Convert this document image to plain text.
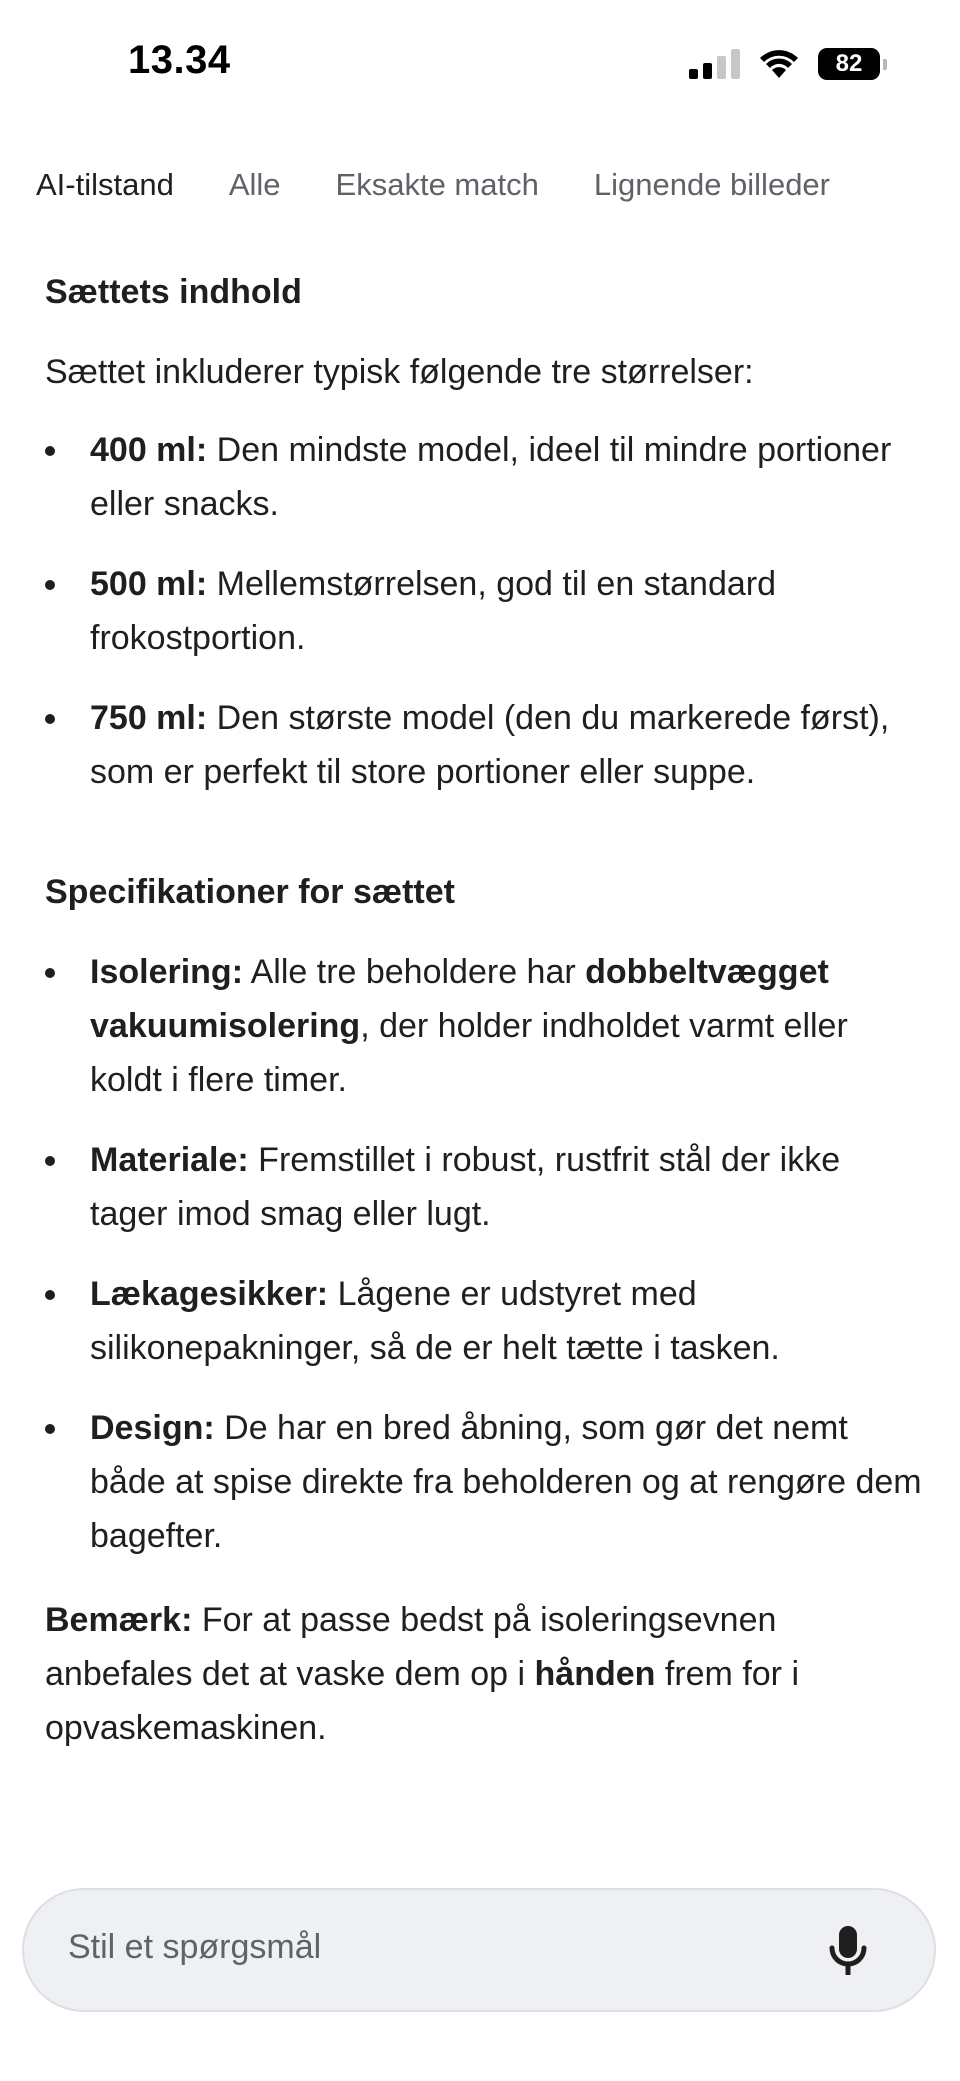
13.34	82
AI-tilstand Alle Eksakte match Lignende billeder
Sættets indhold
Sættet inkluderer typisk følgende tre størrelser:
400 ml: Den mindste model, ideel til mindre portioner eller snacks.
500 ml: Mellemstørrelsen, god til en standard frokostportion.
750 ml: Den største model (den du markerede først), som er perfekt til store portioner eller suppe.
Specifikationer for sættet
Isolering: Alle tre beholdere har dobbeltvægget vakuumisolering, der holder indholdet varmt eller koldt i flere timer.
Materiale: Fremstillet i robust, rustfrit stål der ikke tager imod smag eller lugt.
Lækagesikker: Lågene er udstyret med silikonepakninger, så de er helt tætte i tasken.
Design: De har en bred åbning, som gør det nemt både at spise direkte fra beholderen og at rengøre dem bagefter.
Bemærk: For at passe bedst på isoleringsevnen anbefales det at vaske dem op i hånden frem for i opvaskemaskinen.
Stil et spørgsmål
